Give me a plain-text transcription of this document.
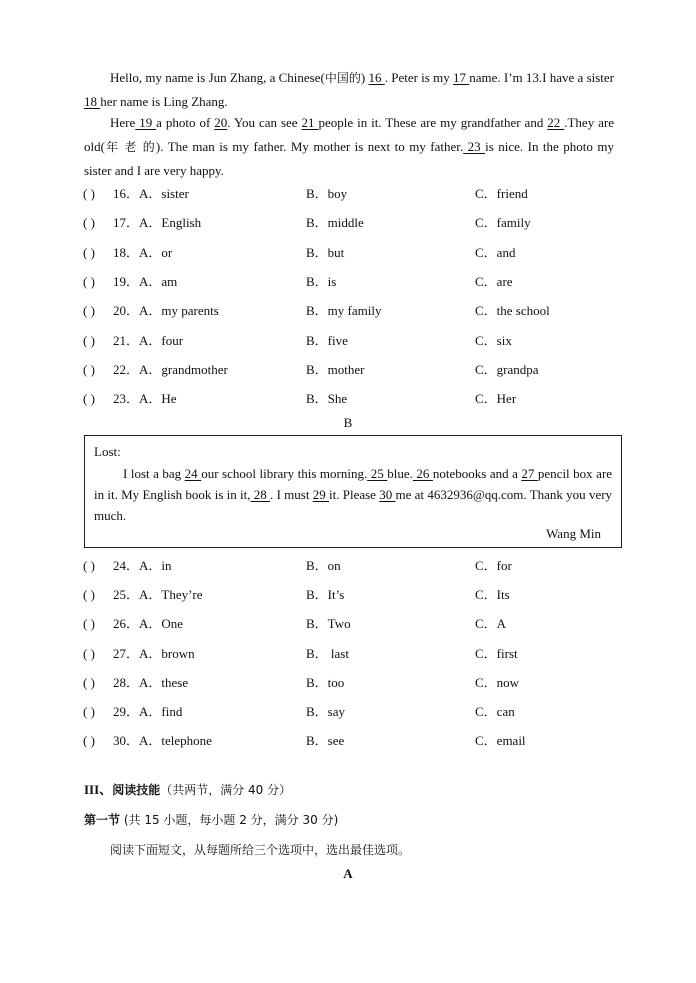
Hello, my name is Jun Zhang, a Chinese(中国的) 16 . Peter is my 17 name. I’m 13.I have a sister 18 her name is Ling Zhang.

Here 19 a photo of 20. You can see 21 people in it. These are my grandfather and 22 .They are old(年 老 的). The man is my father. My mother is next to my father. 23 is nice. In the photo my sister and I are very happy.

( ) 16．A．sister	B．boy	C．friend
( ) 17．A．English	B．middle	C．family
( ) 18．A．or	B．but	C．and
( ) 19．A．am	B．is	C．are
( ) 20．A．my parents	B．my family	C．the school
( ) 21．A．four	B．five	C．six
( ) 22．A．grandmother	B．mother	C．grandpa
( ) 23．A．He	B．She	C．Her
B
Lost:

I lost a bag 24 our school library this morning. 25 blue. 26 notebooks and a 27 pencil box are in it. My English book is in it, 28 . I must 29 it. Please 30 me at 4632936@qq.com. Thank you very much.

Wang Min
( ) 24．A．in	B．on	C．for
( ) 25．A．They’re	B．It’s	C．Its
( ) 26．A．One	B．Two	C．A
( ) 27．A．brown	B． last	C．first
( ) 28．A．these	B．too	C．now
( ) 29．A．find	B．say	C．can
( ) 30．A．telephone	B．see	C．email
III、阅读技能（共两节，满分 40 分）
第一节 (共 15 小题，每小题 2 分，满分 30 分)
阅读下面短文，从每题所给三个选项中，选出最佳选项。
A
